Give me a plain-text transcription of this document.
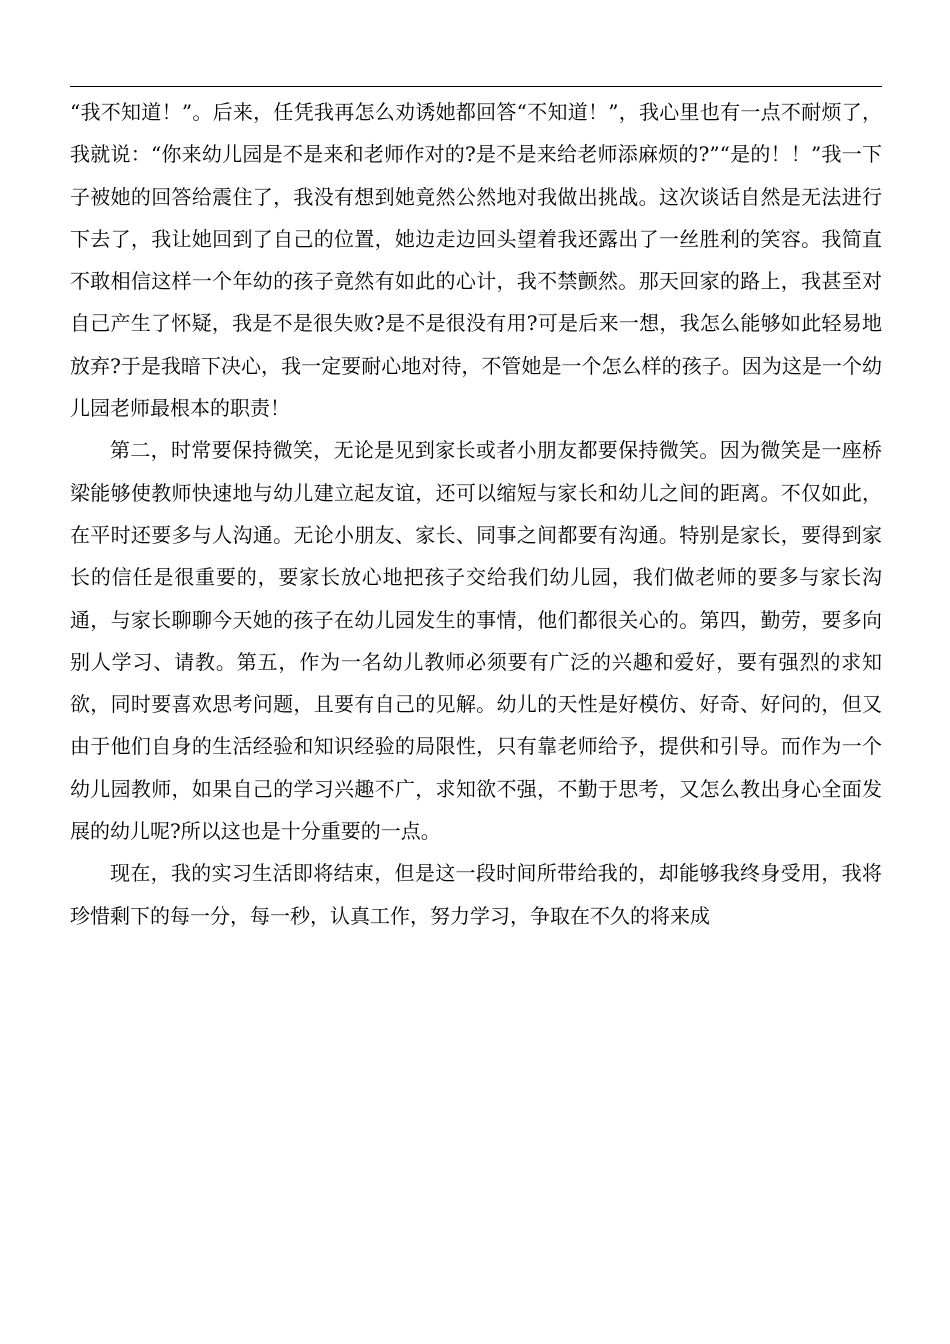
“我不知道！”。后来，任凭我再怎么劝诱她都回答“不知道！”，我心里也有一点不耐烦了，我就说：“你来幼儿园是不是来和老师作对的?是不是来给老师添麻烦的?”“是的！！”我一下子被她的回答给震住了，我没有想到她竟然公然地对我做出挑战。这次谈话自然是无法进行下去了，我让她回到了自己的位置，她边走边回头望着我还露出了一丝胜利的笑容。我简直不敢相信这样一个年幼的孩子竟然有如此的心计，我不禁颤然。那天回家的路上，我甚至对自己产生了怀疑，我是不是很失败?是不是很没有用?可是后来一想，我怎么能够如此轻易地放弃?于是我暗下决心，我一定要耐心地对待，不管她是一个怎么样的孩子。因为这是一个幼儿园老师最根本的职责！

第二，时常要保持微笑，无论是见到家长或者小朋友都要保持微笑。因为微笑是一座桥梁能够使教师快速地与幼儿建立起友谊，还可以缩短与家长和幼儿之间的距离。不仅如此，在平时还要多与人沟通。无论小朋友、家长、同事之间都要有沟通。特别是家长，要得到家长的信任是很重要的，要家长放心地把孩子交给我们幼儿园，我们做老师的要多与家长沟通，与家长聊聊今天她的孩子在幼儿园发生的事情，他们都很关心的。第四，勤劳，要多向别人学习、请教。第五，作为一名幼儿教师必须要有广泛的兴趣和爱好，要有强烈的求知欲，同时要喜欢思考问题，且要有自己的见解。幼儿的天性是好模仿、好奇、好问的，但又由于他们自身的生活经验和知识经验的局限性，只有靠老师给予，提供和引导。而作为一个幼儿园教师，如果自己的学习兴趣不广，求知欲不强，不勤于思考，又怎么教出身心全面发展的幼儿呢?所以这也是十分重要的一点。

现在，我的实习生活即将结束，但是这一段时间所带给我的，却能够我终身受用，我将珍惜剩下的每一分，每一秒，认真工作，努力学习，争取在不久的将来成
